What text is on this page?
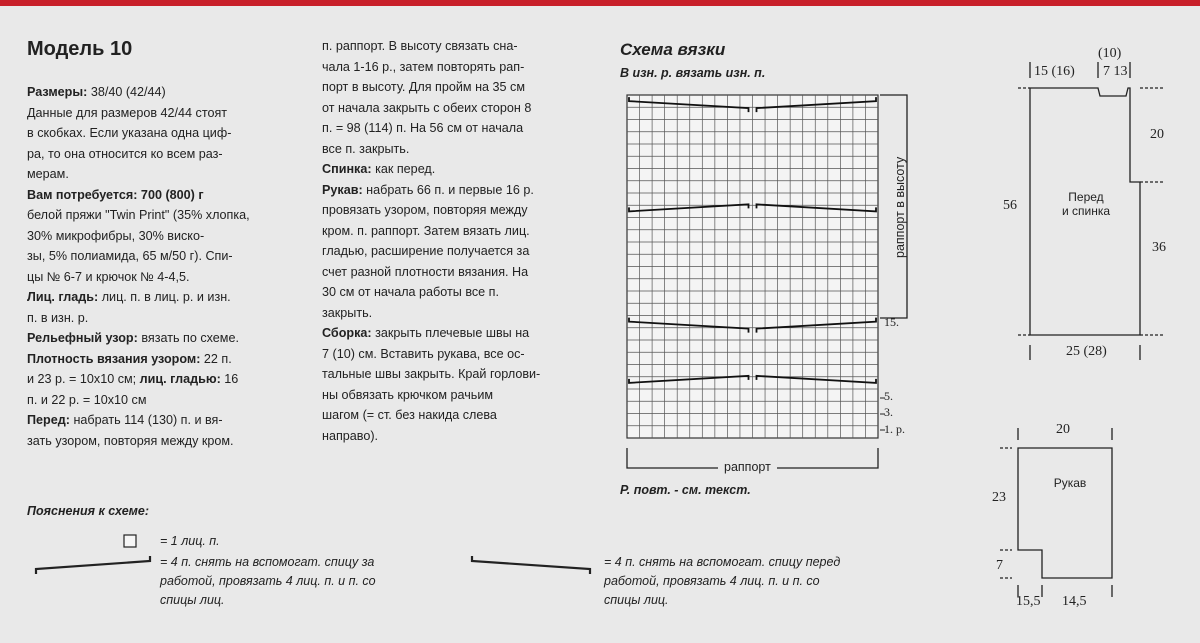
Модель 10

Размеры: 38/40 (42/44)

Данные для размеров 42/44 стоят

в скобках. Если указана одна циф-

ра, то она относится ко всем раз-

мерам.

Вам потребуется: 700 (800) г

белой пряжи "Twin Print" (35% хлопка,

30% микрофибры, 30% виско-

зы, 5% полиамида, 65 м/50 г). Спи-

цы № 6-7 и крючок № 4-4,5.

Лиц. гладь: лиц. п. в лиц. р. и изн.

п. в изн. р.

Рельефный узор: вязать по схеме.

Плотность вязания узором: 22 п.

и 23 р. = 10x10 см; лиц. гладью: 16

п. и 22 р. = 10x10 см

Перед: набрать 114 (130) п. и вя-

зать узором, повторяя между кром.

п. раппорт. В высоту связать сна-

чала 1-16 р., затем повторять рап-

порт в высоту. Для пройм на 35 см

от начала закрыть с обеих сторон 8

п. = 98 (114) п. На 56 см от начала

все п. закрыть.

Спинка: как перед.

Рукав: набрать 66 п. и первые 16 р.

провязать узором, повторяя между

кром. п. раппорт. Затем вязать лиц.

гладью, расширение получается за

счет разной плотности вязания. На

30 см от начала работы все п.

закрыть.

Сборка: закрыть плечевые швы на

7 (10) см. Вставить рукава, все ос-

тальные швы закрыть. Край горлови-

ны обвязать крючком рачьим

шагом (= ст. без накида слева

направо).

Схема вязки
В изн. р. вязать изн. п.
раппорт
раппорт в высоту
15.
5.
3.
1. р.
Р. повт. - см. текст.
Пояснения к схеме:
= 1 лиц. п.
= 4 п. снять на вспомогат. спицу за
работой, провязать 4 лиц. п. и п. со
спицы лиц.
= 4 п. снять на вспомогат. спицу перед
работой, провязать 4 лиц. п. и п. со
спицы лиц.
(10)
15 (16) 7 13
20
36
56
Перед
и спинка
25 (28)
20
23
7
Рукав
15,5 14,5
